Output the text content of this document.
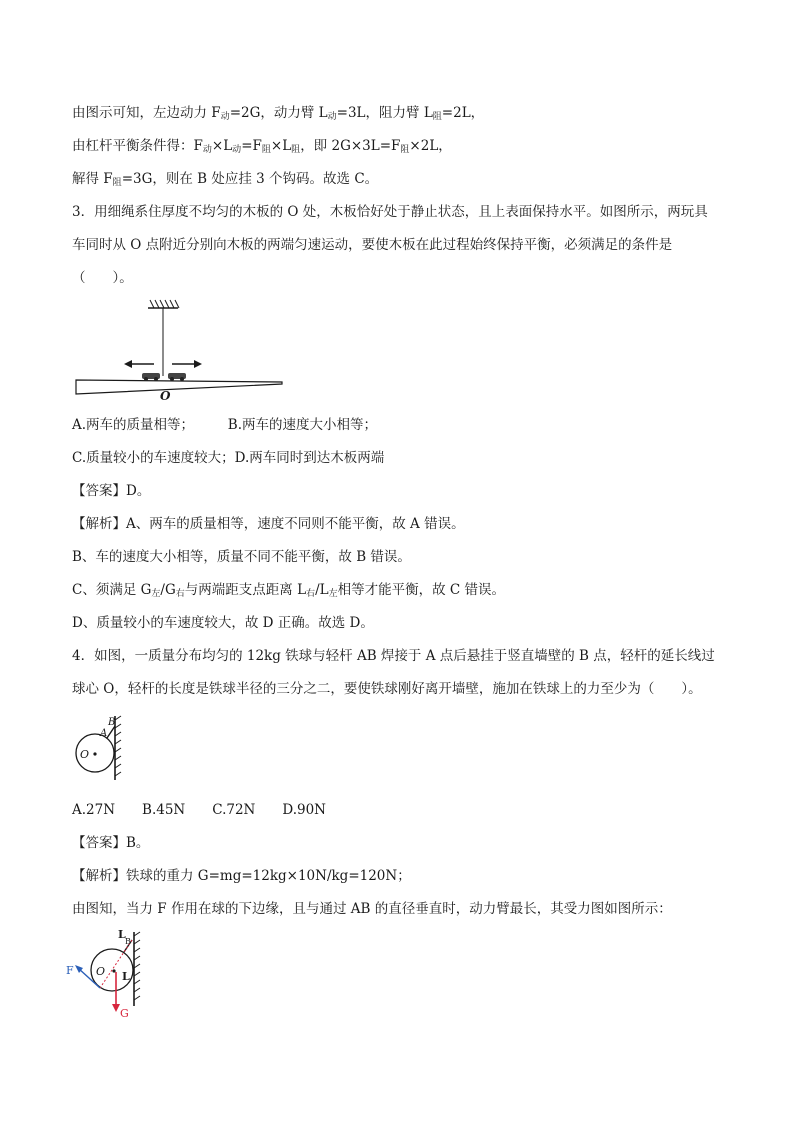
由图示可知，左边动力 $F_动=2G$，动力臂 $L_动=3L$，阻力臂 $L_阻=2L$，
由杠杆平衡条件得：$F_动\times L_动=F_阻\times L_阻$，即 $2G\times 3L=F_阻\times 2L$，
解得 $F_阻=3G$，则在 B 处应挂 3 个钩码。故选 C。
3．用细绳系住厚度不均匀的木板的 O 处，木板恰好处于静止状态，且上表面保持水平。如图所示，两玩具
车同时从 O 点附近分别向木板的两端匀速运动，要使木板在此过程始终保持平衡，必须满足的条件是
（　　）。
O
A.两车的质量相等；　　　B.两车的速度大小相等；
C.质量较小的车速度较大；D.两车同时到达木板两端
【答案】D。
【解析】A、两车的质量相等，速度不同则不能平衡，故 A 错误。
B、车的速度大小相等，质量不同不能平衡，故 B 错误。
C、须满足 $G_左/G_右$与两端距支点距离 $L_右/L_左$相等才能平衡，故 C 错误。
D、质量较小的车速度较大，故 D 正确。故选 D。
4．如图，一质量分布均匀的 12kg 铁球与轻杆 AB 焊接于 A 点后悬挂于竖直墙壁的 B 点，轻杆的延长线过
球心 O，轻杆的长度是铁球半径的三分之二，要使铁球刚好离开墙壁，施加在铁球上的力至少为（　　）。
B
A
O
A.27N　　B.45N　　C.72N　　D.90N
【答案】B。
【解析】铁球的重力 G=mg=12kg×10N/kg=120N；
由图知，当力 F 作用在球的下边缘，且与通过 AB 的直径垂直时，动力臂最长，其受力图如图所示：
F O
G
L
B
L
